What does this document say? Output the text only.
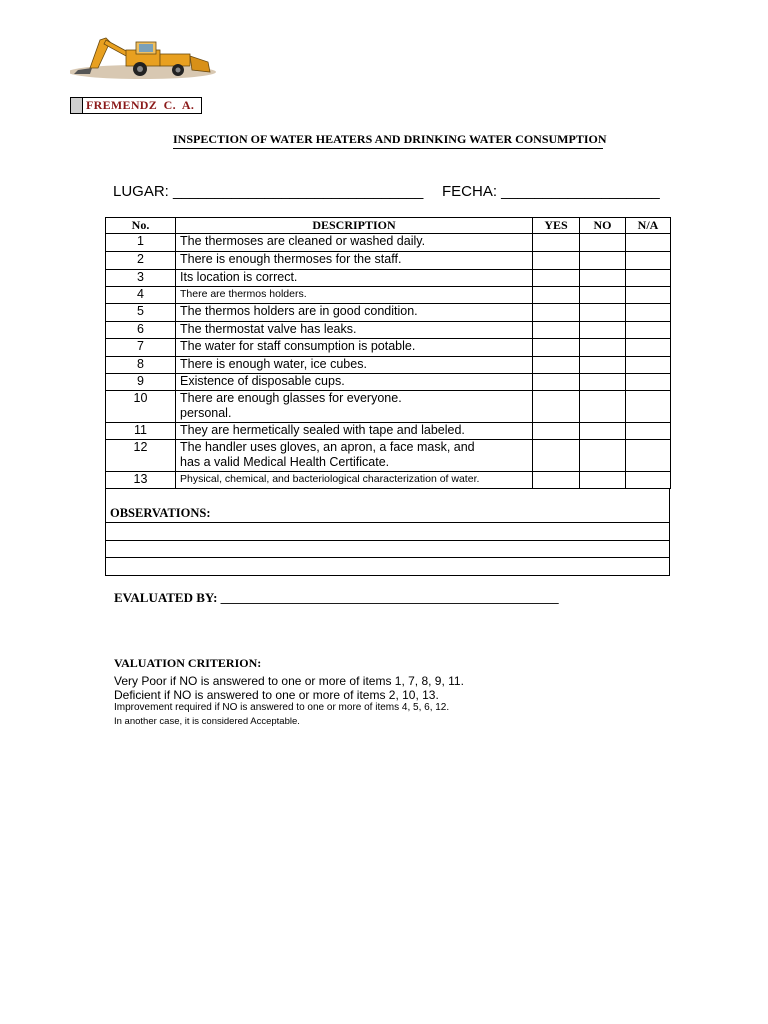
FREMENDZ  C.  A.
INSPECTION OF WATER HEATERS AND DRINKING WATER CONSUMPTION
LUGAR: ______________________________ FECHA: ___________________
No.	DESCRIPTION	YES	NO	N/A
1	The thermoses are cleaned or washed daily.			
2	There is enough thermoses for the staff.			
3	Its location is correct.			
4	There are thermos holders.			
5	The thermos holders are in good condition.			
6	The thermostat valve has leaks.			
7	The water for staff consumption is potable.			
8	There is enough water, ice cubes.			
9	Existence of disposable cups.			
10	There are enough glasses for everyone.
personal.			

11	They are hermetically sealed with tape and labeled.			
12	The handler uses gloves, an apron, a face mask, and
has a valid Medical Health Certificate.			

13	Physical, chemical, and bacteriological characterization of water.			
OBSERVATIONS:
EVALUATED BY: ____________________________________________________
VALUATION CRITERION:
Very Poor if NO is answered to one or more of items 1, 7, 8, 9, 11.
Deficient if NO is answered to one or more of items 2, 10, 13.
Improvement required if NO is answered to one or more of items 4, 5, 6, 12.
In another case, it is considered Acceptable.
